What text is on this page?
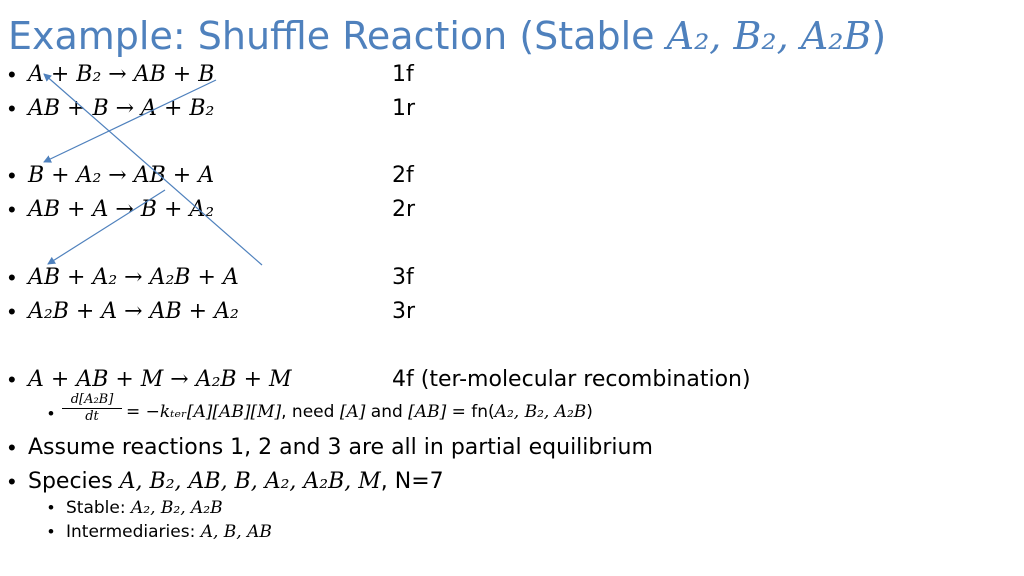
Example: Shuffle Reaction (Stable A₂, B₂, A₂B)
• A + B₂ → AB + B	1f
• AB + B → A + B₂	1r
• B + A₂ → AB + A	2f
• AB + A → B + A₂	2r
• AB + A₂ → A₂B + A	3f
• A₂B + A → AB + A₂	3r
• A + AB + M → A₂B + M	4f (ter-molecular recombination)
• $\frac{\text{d[A₂B]}}{dt}$ = −kₜₑᵣ[A][AB][M], need [A] and [AB] = fn(A₂, B₂, A₂B)
• Assume reactions 1, 2 and 3 are all in partial equilibrium
• Species A, B₂, AB, B, A₂, A₂B, M, N=7
• Stable: A₂, B₂, A₂B
• Intermediaries: A, B, AB
